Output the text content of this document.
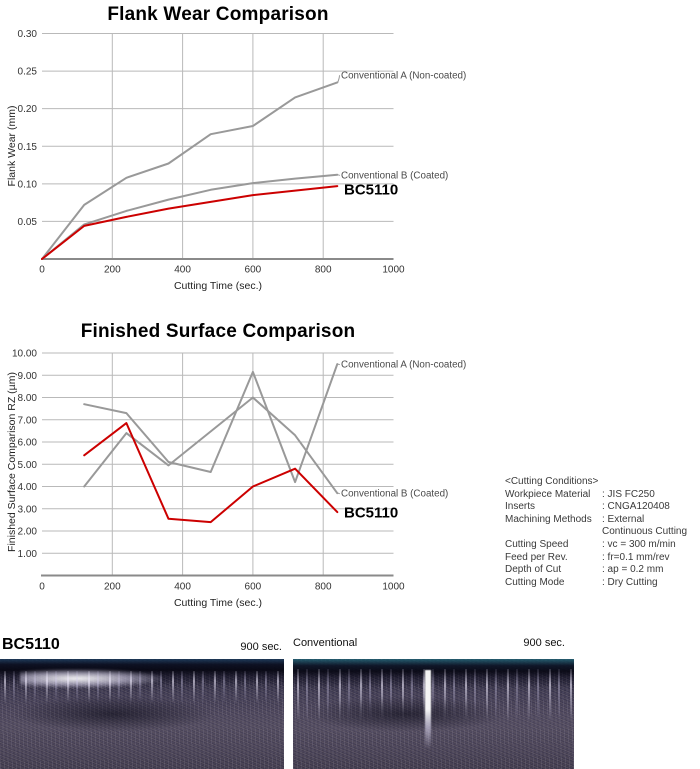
Flank Wear Comparison
Flank Wear (mm)
0.05
0.10
0.15
0.20
0.25
0.30
0	200	400	600	800	1000
Conventional A (Non-coated)
Conventional B (Coated)
BC5110
Cutting Time (sec.)
Finished Surface Comparison
Finished Surface Comparison RZ (µm)
1.00
2.00
3.00
4.00
5.00
6.00
7.00
8.00
9.00
10.00
0	200	400	600	800	1000
Conventional A (Non-coated)
Conventional B (Coated)
BC5110
Cutting Time (sec.)
<Cutting Conditions>
Workpiece Material : JIS FC250
Inserts	: CNGA120408
Machining Methods : External
Continuous Cutting
Cutting Speed	: vc = 300 m/min
Feed per Rev.	: fr=0.1 mm/rev
Depth of Cut	: ap = 0.2 mm
Cutting Mode	: Dry Cutting
BC5110	900 sec. Conventional	900 sec.
